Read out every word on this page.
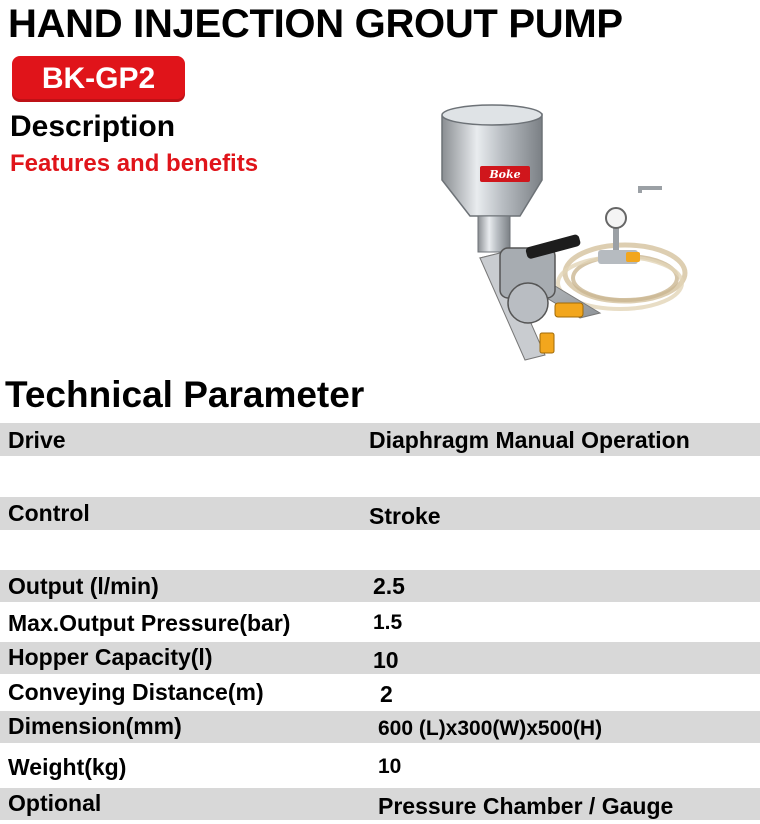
HAND INJECTION GROUT PUMP
BK-GP2
Description
Features and benefits	Boke
Technical Parameter
Drive	Diaphragm Manual Operation
Control	Stroke
Output (l/min)	2.5
Max.Output Pressure(bar)	1.5
Hopper Capacity(l)	10
Conveying Distance(m)	2
Dimension(mm)	600 (L)x300(W)x500(H)
Weight(kg)	10
Optional	Pressure Chamber / Gauge
